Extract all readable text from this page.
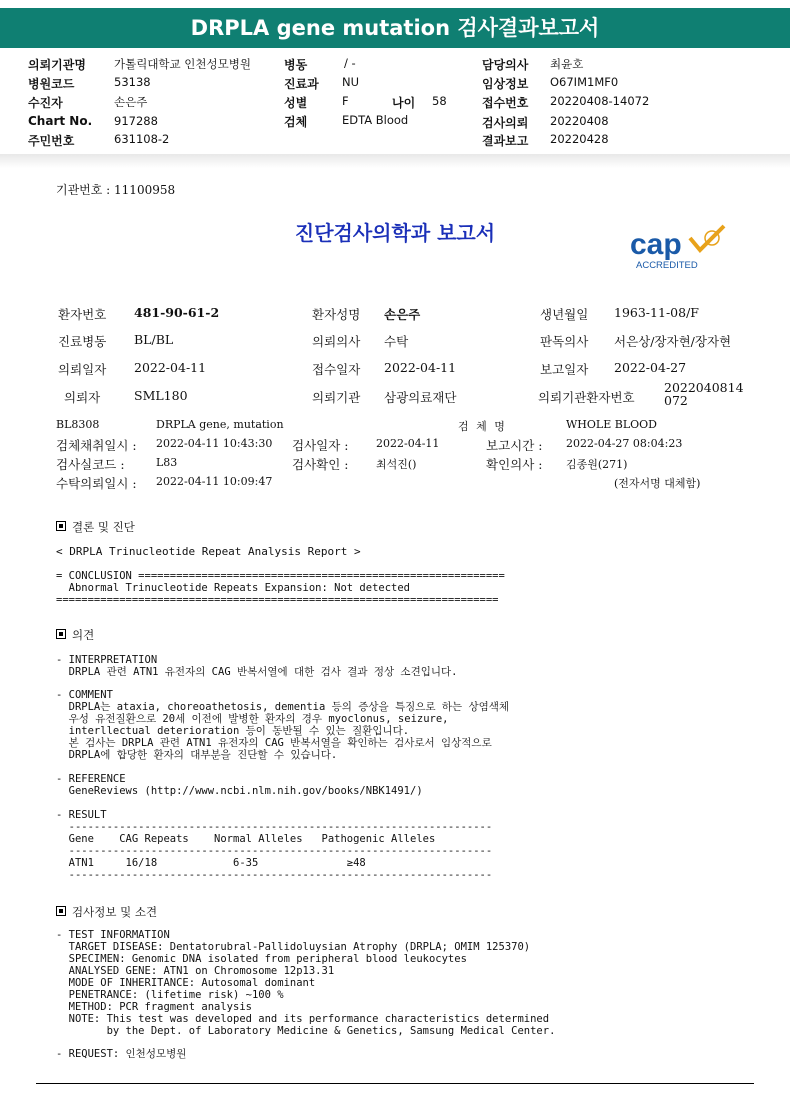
DRPLA gene mutation 검사결과보고서
의뢰기관명 가톨릭대학교 인천성모병원
병원코드	53138
수진자	손은주
Chart No. 917288
주민번호	631108-2
병동	/ -
진료과 NU
성별	F	나이 58
검체	EDTA Blood
담당의사 최윤호
임상정보 O67IM1MF0
접수번호 20220408-14072
검사의뢰 20220408
결과보고 20220428
기관번호 : 11100958
진단검사의학과 보고서	cap
ACCREDITED
환자번호 481-90-61-2	환자성명 손은주	생년월일 1963-11-08/F
진료병동 BL/BL	의뢰의사 수탁	판독의사 서은상/장자현/장자현
의뢰일자 2022-04-11	접수일자 2022-04-11	보고일자 2022-04-27
의뢰자	SML180	의뢰기관 삼광의료재단	의뢰기관환자번호
2022040814072
BL8308	DRPLA gene, mutation	검 체 명	WHOLE BLOOD
검체채취일시 : 2022-04-11 10:43:30 검사일자 :	2022-04-11	보고시간 : 2022-04-27 08:04:23
검사실코드 :	L83	검사확인 :	최석진()	확인의사 : 김종원(271)
수탁의뢰일시 : 2022-04-11 10:09:47	(전자서명 대체함)
결론 및 진단
< DRPLA Trinucleotide Repeat Analysis Report >
= CONCLUSION ==========================================================
Abnormal Trinucleotide Repeats Expansion: Not detected
======================================================================
의견
- INTERPRETATION
DRPLA 관련 ATN1 유전자의 CAG 반복서열에 대한 검사 결과 정상 소견입니다.
- COMMENT
DRPLA는 ataxia, choreoathetosis, dementia 등의 증상을 특징으로 하는 상염색체
우성 유전질환으로 20세 이전에 발병한 환자의 경우 myoclonus, seizure,
interllectual deterioration 등이 동반될 수 있는 질환입니다.
본 검사는 DRPLA 관련 ATN1 유전자의 CAG 반복서열을 확인하는 검사로서 임상적으로
DRPLA에 합당한 환자의 대부분을 진단할 수 있습니다.
- REFERENCE
GeneReviews (http://www.ncbi.nlm.nih.gov/books/NBK1491/)
- RESULT
-------------------------------------------------------------------
Gene    CAG Repeats    Normal Alleles   Pathogenic Alleles
-------------------------------------------------------------------
ATN1     16/18            6-35              ≥48
-------------------------------------------------------------------
검사정보 및 소견
- TEST INFORMATION
TARGET DISEASE: Dentatorubral-Pallidoluysian Atrophy (DRPLA; OMIM 125370)
SPECIMEN: Genomic DNA isolated from peripheral blood leukocytes
ANALYSED GENE: ATN1 on Chromosome 12p13.31
MODE OF INHERITANCE: Autosomal dominant
PENETRANCE: (lifetime risk) ~100 %
METHOD: PCR fragment analysis
NOTE: This test was developed and its performance characteristics determined
by the Dept. of Laboratory Medicine & Genetics, Samsung Medical Center.
- REQUEST: 인천성모병원
